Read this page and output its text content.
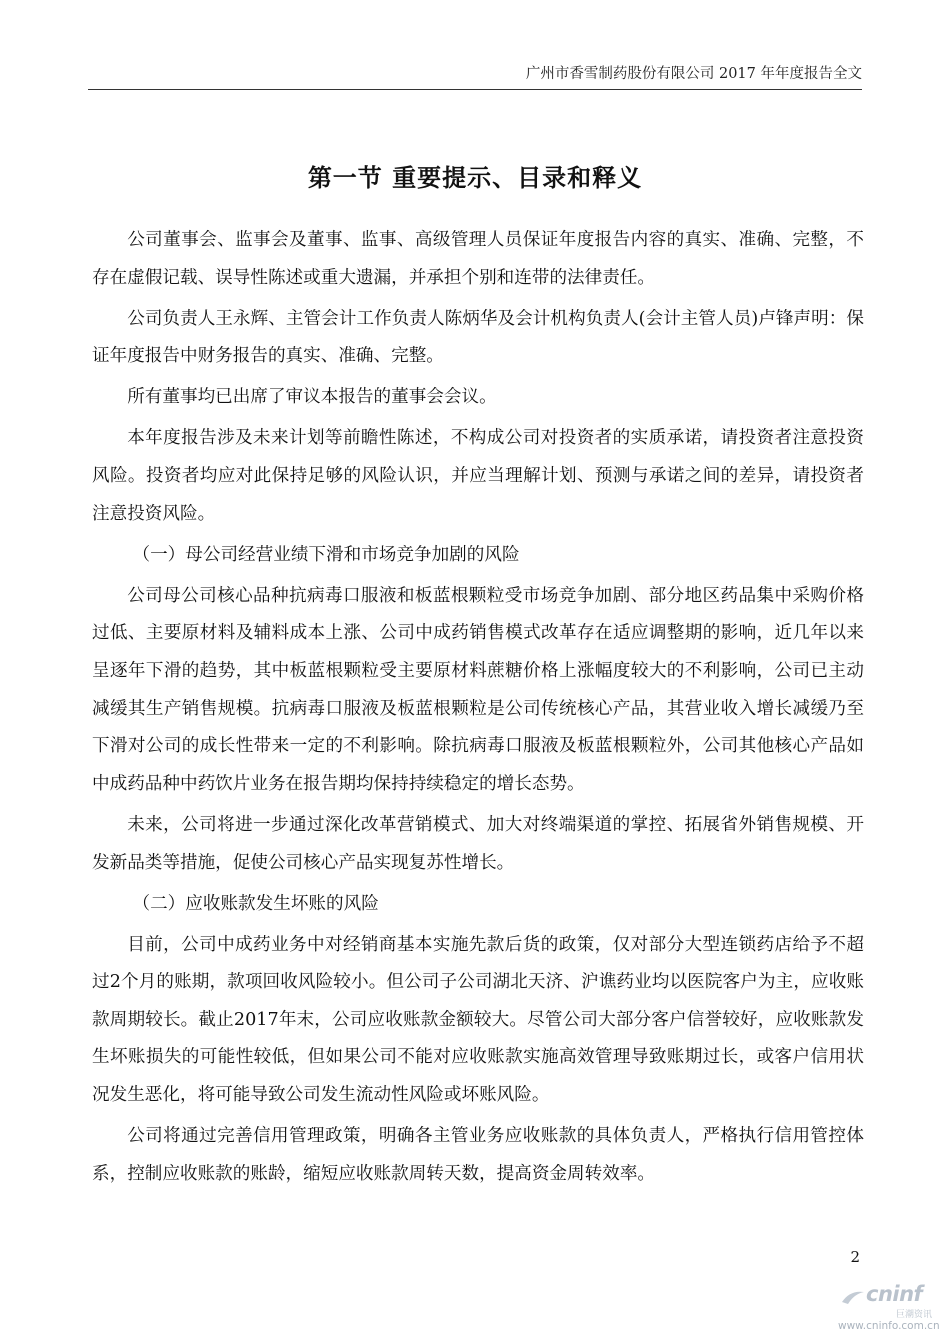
广州市香雪制药股份有限公司 2017 年年度报告全文
第一节 重要提示、目录和释义

公司董事会、监事会及董事、监事、高级管理人员保证年度报告内容的真实、准确、完整，不存在虚假记载、误导性陈述或重大遗漏，并承担个别和连带的法律责任。

公司负责人王永辉、主管会计工作负责人陈炳华及会计机构负责人(会计主管人员)卢锋声明：保证年度报告中财务报告的真实、准确、完整。

所有董事均已出席了审议本报告的董事会会议。

本年度报告涉及未来计划等前瞻性陈述，不构成公司对投资者的实质承诺，请投资者注意投资风险。投资者均应对此保持足够的风险认识，并应当理解计划、预测与承诺之间的差异，请投资者注意投资风险。

（一）母公司经营业绩下滑和市场竞争加剧的风险

公司母公司核心品种抗病毒口服液和板蓝根颗粒受市场竞争加剧、部分地区药品集中采购价格过低、主要原材料及辅料成本上涨、公司中成药销售模式改革存在适应调整期的影响，近几年以来呈逐年下滑的趋势，其中板蓝根颗粒受主要原材料蔗糖价格上涨幅度较大的不利影响，公司已主动减缓其生产销售规模。抗病毒口服液及板蓝根颗粒是公司传统核心产品，其营业收入增长减缓乃至下滑对公司的成长性带来一定的不利影响。除抗病毒口服液及板蓝根颗粒外，公司其他核心产品如中成药品种中药饮片业务在报告期均保持持续稳定的增长态势。

未来，公司将进一步通过深化改革营销模式、加大对终端渠道的掌控、拓展省外销售规模、开发新品类等措施，促使公司核心产品实现复苏性增长。

（二）应收账款发生坏账的风险

目前，公司中成药业务中对经销商基本实施先款后货的政策，仅对部分大型连锁药店给予不超过2个月的账期，款项回收风险较小。但公司子公司湖北天济、沪谯药业均以医院客户为主，应收账款周期较长。截止2017年末，公司应收账款金额较大。尽管公司大部分客户信誉较好，应收账款发生坏账损失的可能性较低，但如果公司不能对应收账款实施高效管理导致账期过长，或客户信用状况发生恶化，将可能导致公司发生流动性风险或坏账风险。

公司将通过完善信用管理政策，明确各主管业务应收账款的具体负责人，严格执行信用管控体系，控制应收账款的账龄，缩短应收账款周转天数，提高资金周转效率。

2
cninf
巨潮资讯
www.cninfo.com.cn
